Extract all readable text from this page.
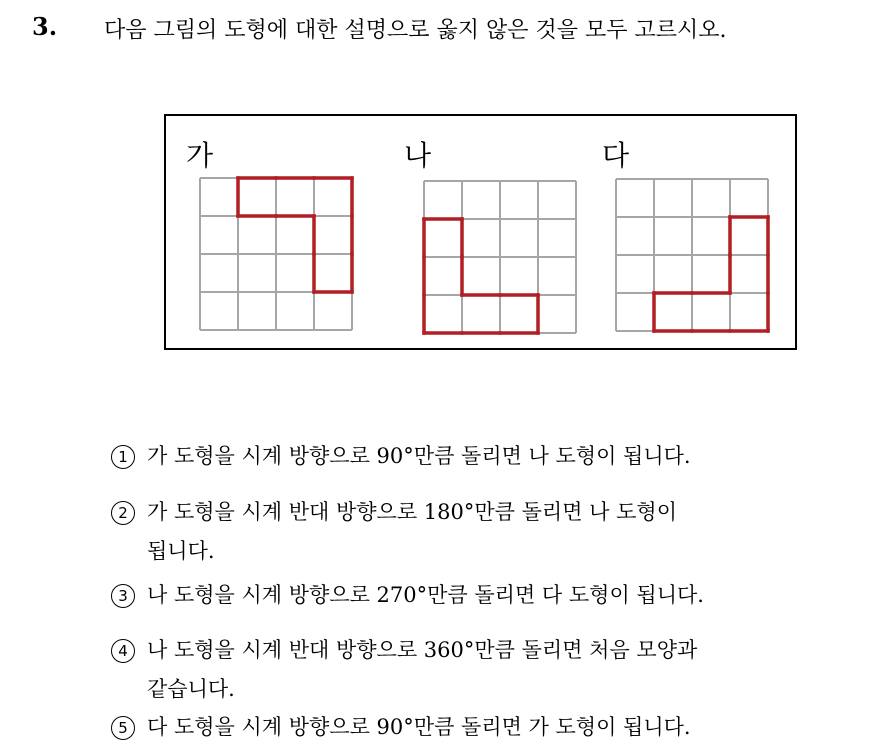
3. 다음 그림의 도형에 대한 설명으로 옳지 않은 것을 모두 고르시오.
가	나	다
1 가 도형을 시계 방향으로 90°만큼 돌리면 나 도형이 됩니다.
2 가 도형을 시계 반대 방향으로 180°만큼 돌리면 나 도형이
됩니다.
3 나 도형을 시계 방향으로 270°만큼 돌리면 다 도형이 됩니다.
4 나 도형을 시계 반대 방향으로 360°만큼 돌리면 처음 모양과
같습니다.
5 다 도형을 시계 방향으로 90°만큼 돌리면 가 도형이 됩니다.
